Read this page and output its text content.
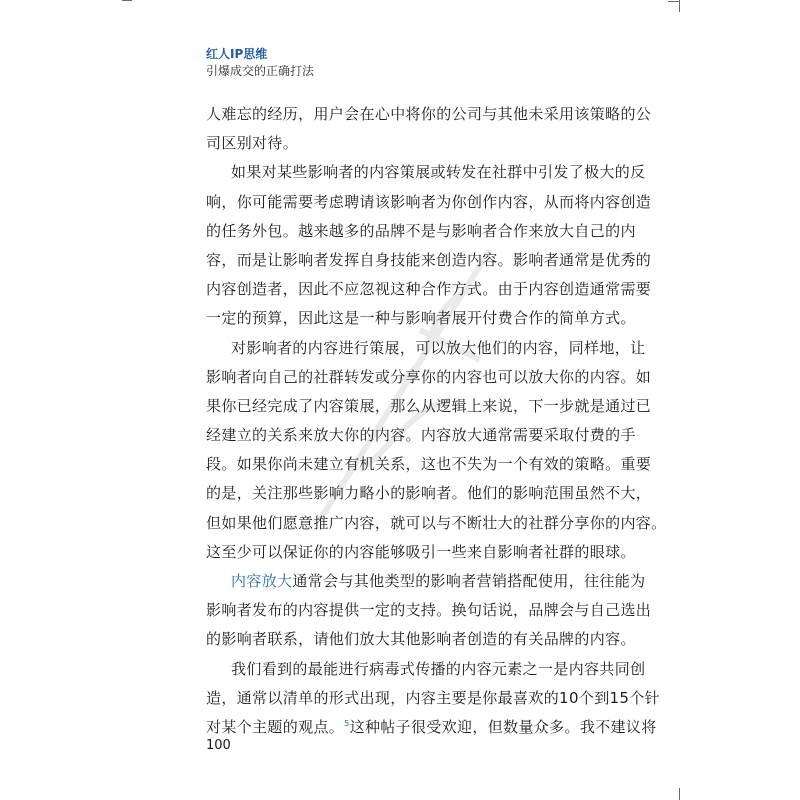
红人IP思维
引爆成交的正确打法
人难忘的经历，用户会在心中将你的公司与其他未采用该策略的公
司区别对待。
如果对某些影响者的内容策展或转发在社群中引发了极大的反
响，你可能需要考虑聘请该影响者为你创作内容，从而将内容创造
的任务外包。越来越多的品牌不是与影响者合作来放大自己的内
容，而是让影响者发挥自身技能来创造内容。影响者通常是优秀的
内容创造者，因此不应忽视这种合作方式。由于内容创造通常需要
一定的预算，因此这是一种与影响者展开付费合作的简单方式。
对影响者的内容进行策展，可以放大他们的内容，同样地，让
影响者向自己的社群转发或分享你的内容也可以放大你的内容。如
果你已经完成了内容策展，那么从逻辑上来说，下一步就是通过已
经建立的关系来放大你的内容。内容放大通常需要采取付费的手
段。如果你尚未建立有机关系，这也不失为一个有效的策略。重要
的是，关注那些影响力略小的影响者。他们的影响范围虽然不大，
但如果他们愿意推广内容，就可以与不断壮大的社群分享你的内容。
这至少可以保证你的内容能够吸引一些来自影响者社群的眼球。
内容放大通常会与其他类型的影响者营销搭配使用，往往能为
影响者发布的内容提供一定的支持。换句话说，品牌会与自己选出
的影响者联系，请他们放大其他影响者创造的有关品牌的内容。
我们看到的最能进行病毒式传播的内容元素之一是内容共同创
造，通常以清单的形式出现，内容主要是你最喜欢的10个到15个针
对某个主题的观点。$^5$这种帖子很受欢迎，但数量众多。我不建议将
100
